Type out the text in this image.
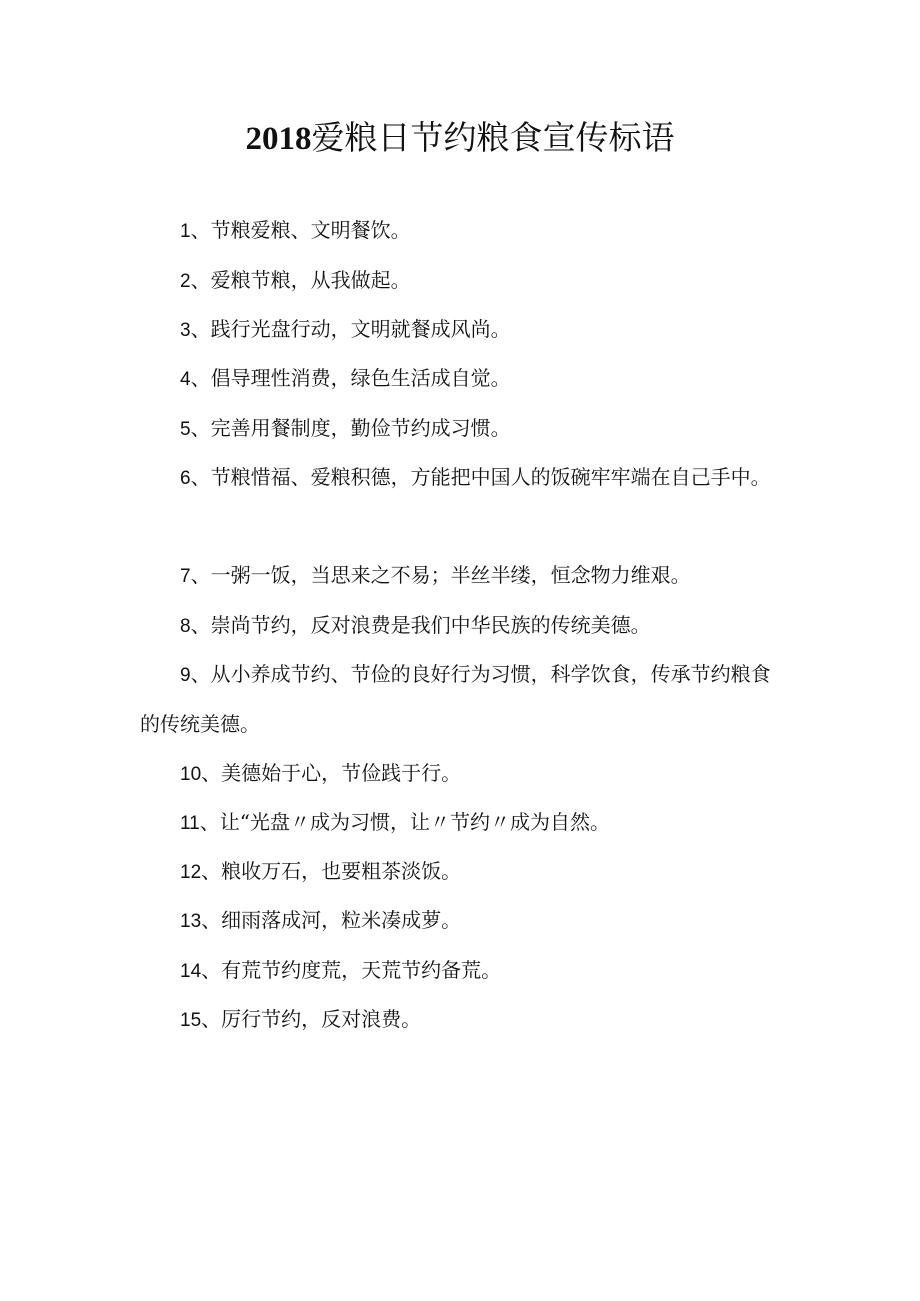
2018爱粮日节约粮食宣传标语

1、节粮爱粮、文明餐饮。

2、爱粮节粮，从我做起。

3、践行光盘行动，文明就餐成风尚。

4、倡导理性消费，绿色生活成自觉。

5、完善用餐制度，勤俭节约成习惯。

6、节粮惜福、爱粮积德，方能把中国人的饭碗牢牢端在自己手中。

7、一粥一饭，当思来之不易；半丝半缕，恒念物力维艰。

8、崇尚节约，反对浪费是我们中华民族的传统美德。

9、从小养成节约、节俭的良好行为习惯，科学饮食，传承节约粮食的传统美德。

10、美德始于心，节俭践于行。

11、让“光盘〃成为习惯，让〃节约〃成为自然。

12、粮收万石，也要粗茶淡饭。

13、细雨落成河，粒米凑成萝。

14、有荒节约度荒，天荒节约备荒。

15、厉行节约，反对浪费。
